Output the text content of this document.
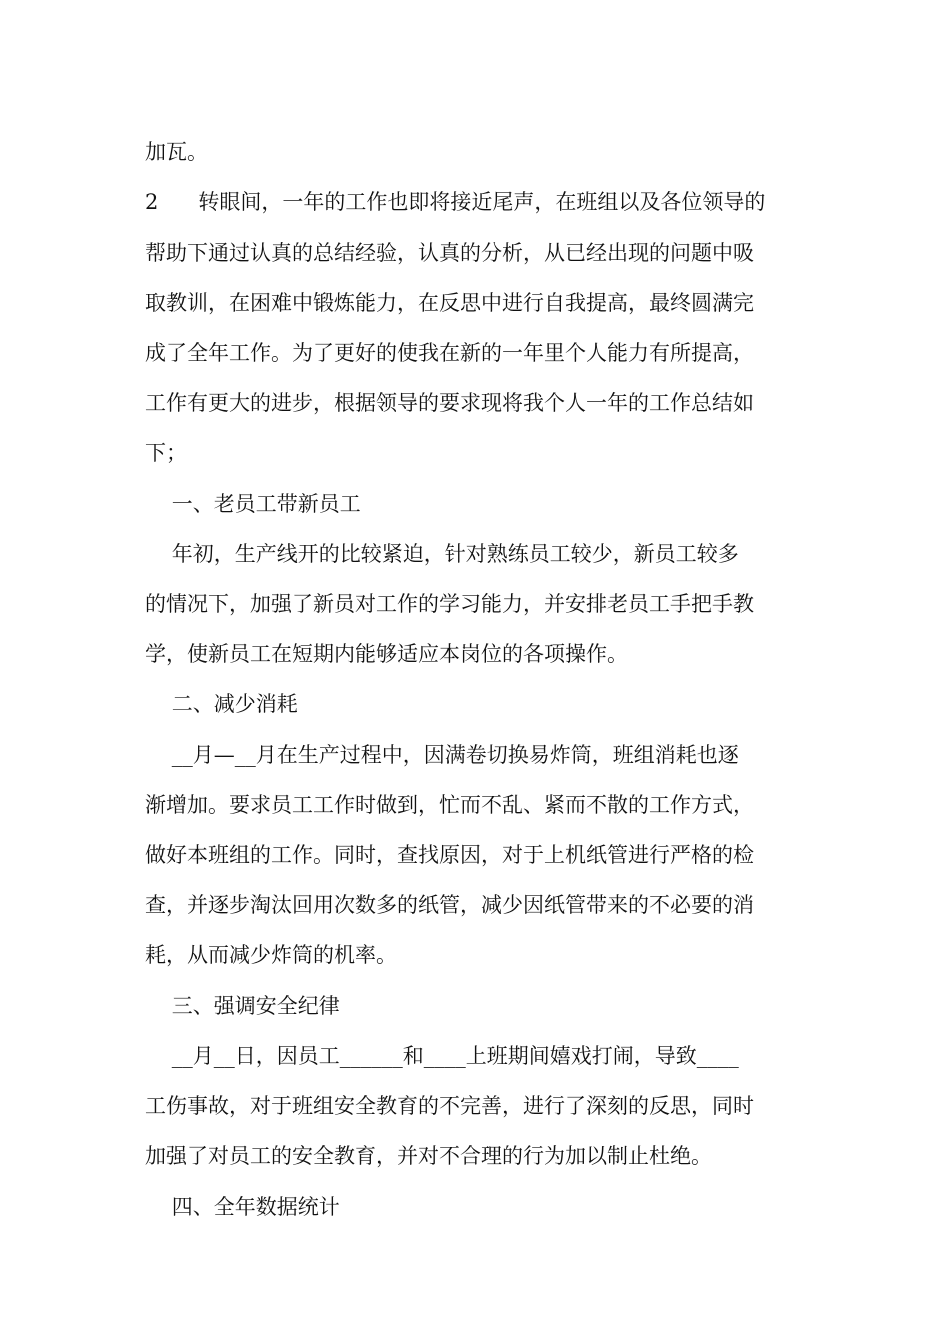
加瓦。
2      转眼间，一年的工作也即将接近尾声，在班组以及各位领导的
帮助下通过认真的总结经验，认真的分析，从已经出现的问题中吸
取教训，在困难中锻炼能力，在反思中进行自我提高，最终圆满完
成了全年工作。为了更好的使我在新的一年里个人能力有所提高，
工作有更大的进步，根据领导的要求现将我个人一年的工作总结如
下；
一、老员工带新员工
年初，生产线开的比较紧迫，针对熟练员工较少，新员工较多
的情况下，加强了新员对工作的学习能力，并安排老员工手把手教
学，使新员工在短期内能够适应本岗位的各项操作。
二、减少消耗
__月—__月在生产过程中，因满卷切换易炸筒，班组消耗也逐
渐增加。要求员工工作时做到，忙而不乱、紧而不散的工作方式，
做好本班组的工作。同时，查找原因，对于上机纸管进行严格的检
查，并逐步淘汰回用次数多的纸管，减少因纸管带来的不必要的消
耗，从而减少炸筒的机率。
三、强调安全纪律
__月__日，因员工______和____上班期间嬉戏打闹，导致____
工伤事故，对于班组安全教育的不完善，进行了深刻的反思，同时
加强了对员工的安全教育，并对不合理的行为加以制止杜绝。
四、全年数据统计
